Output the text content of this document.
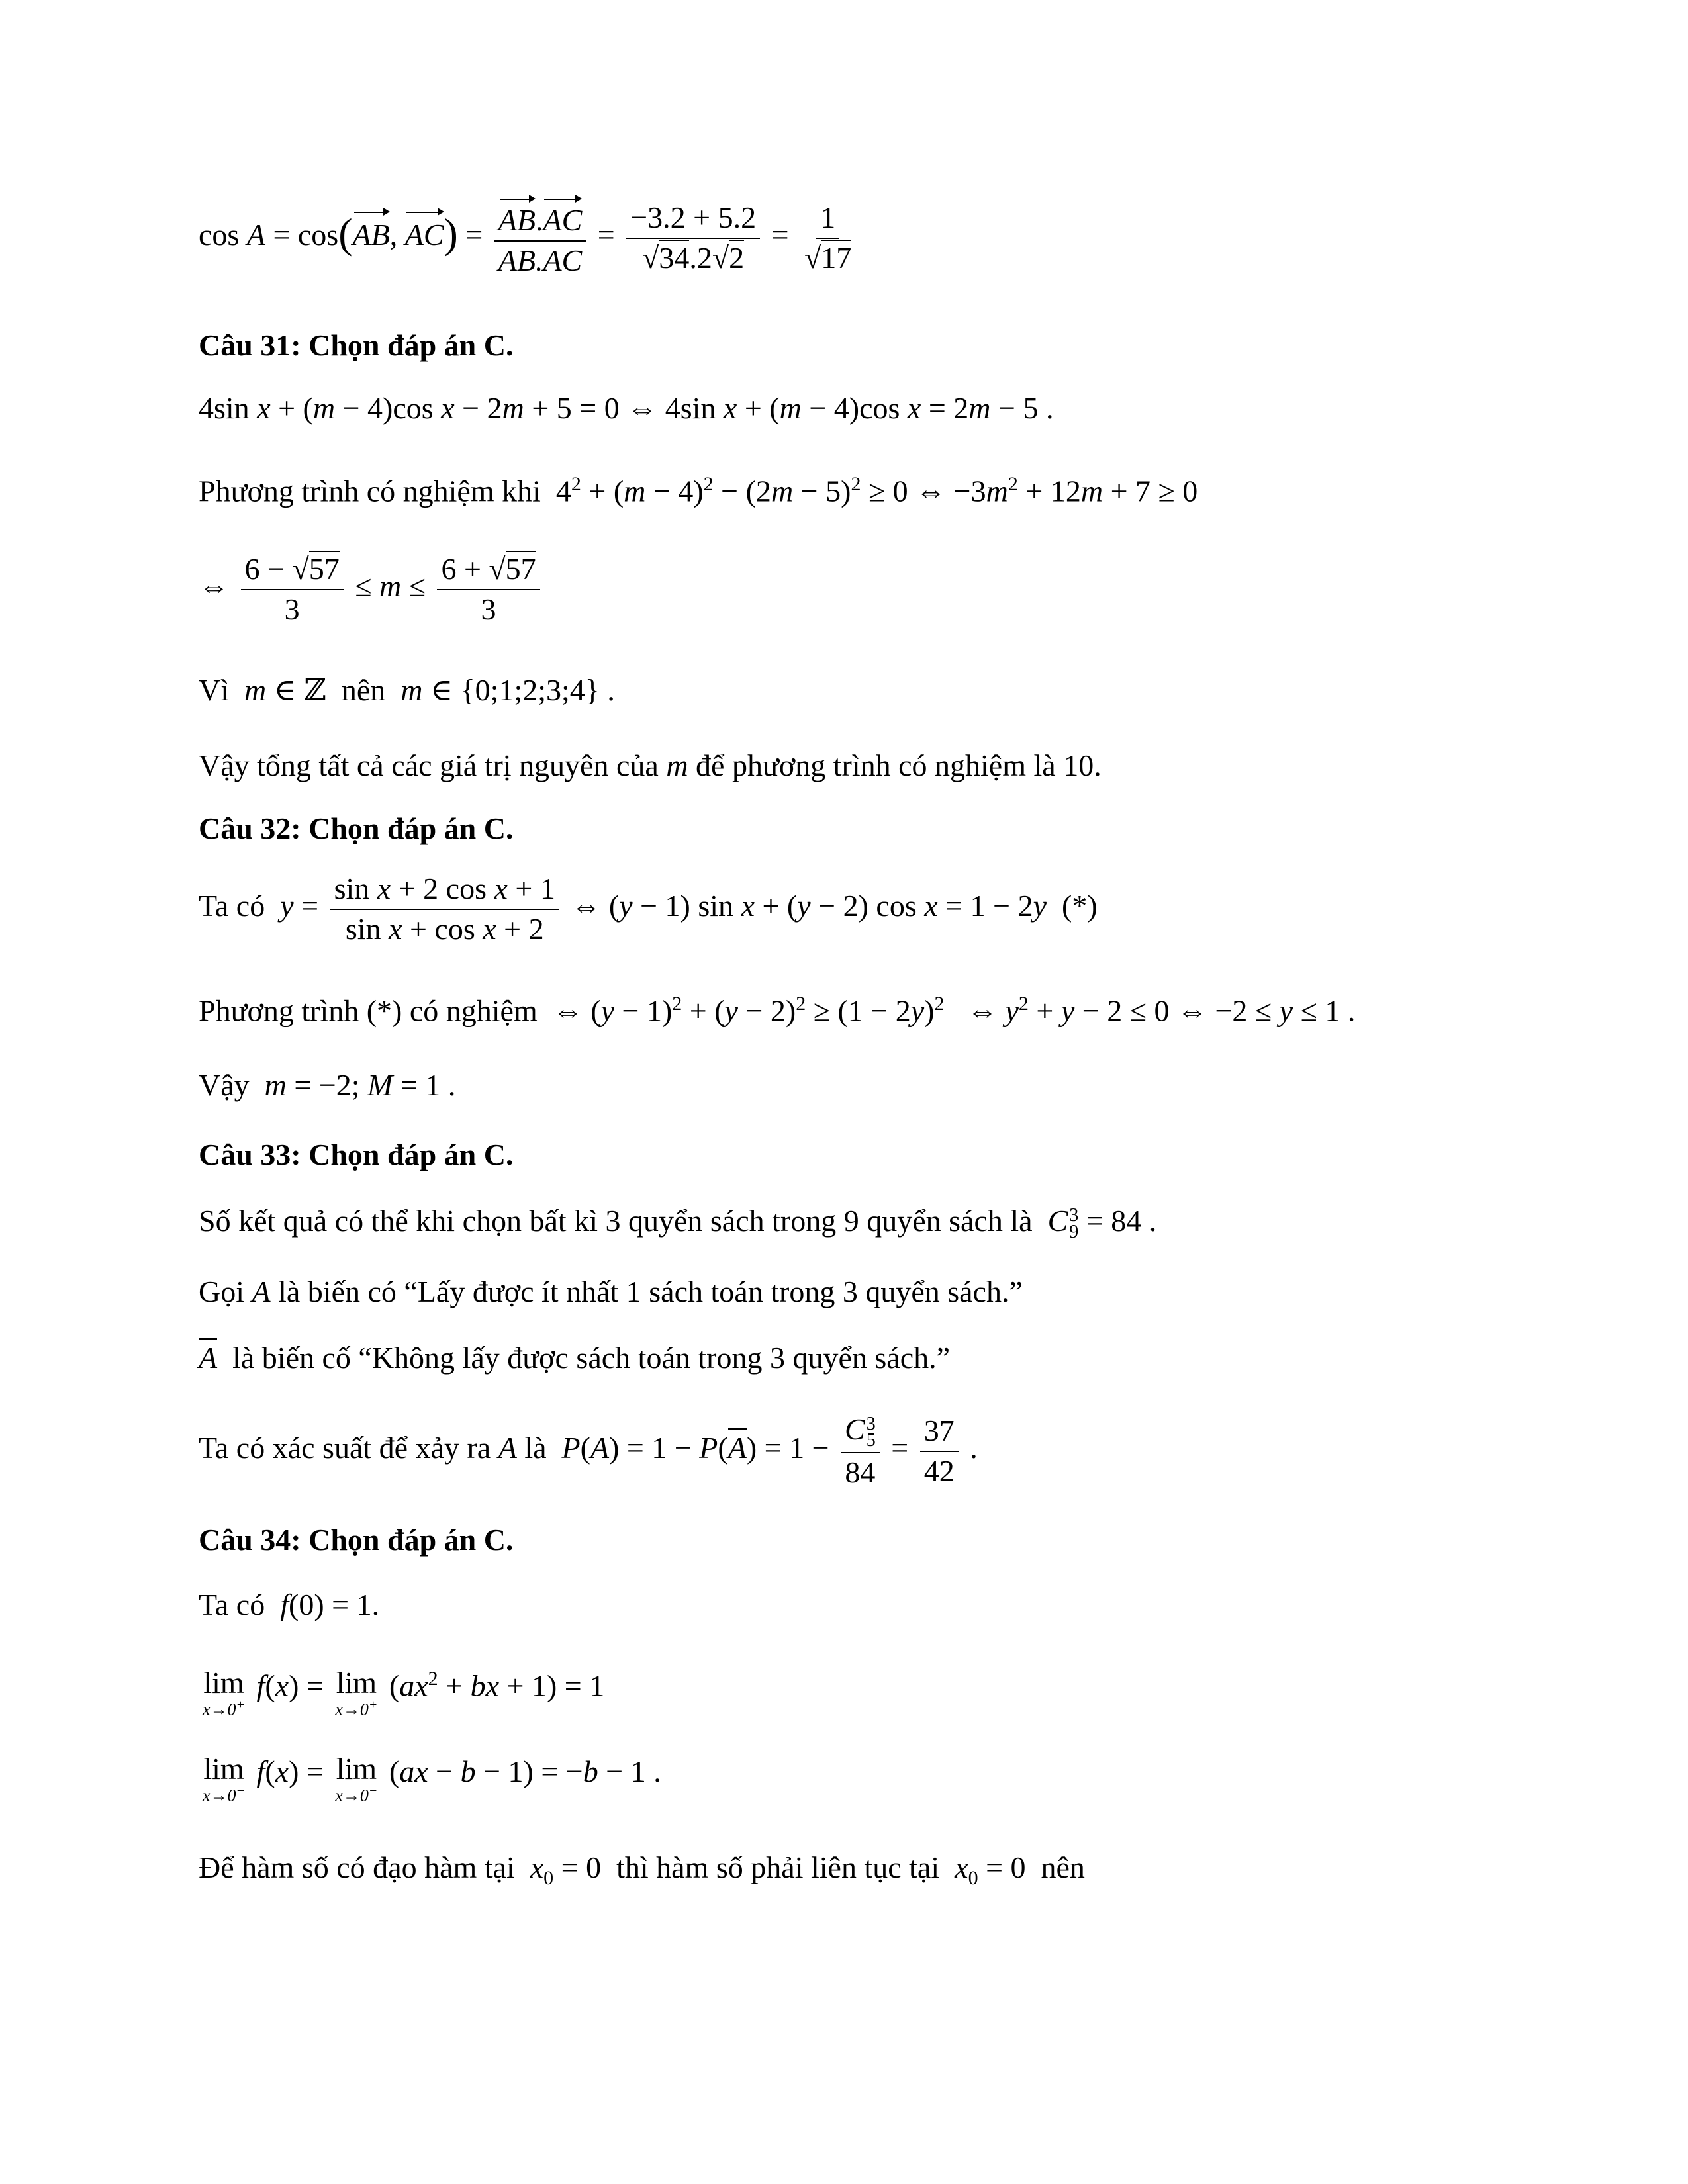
cos A = cos(AB, $AC) = \frac{AB.AC}{AB.AC} = -3.2 + 5.2$
√ 34.2√ 2 = 1
√ 17
Câu 31: Chọn đáp án C.
4sin x + (m − 4)cos x − 2m + 5 = 0 ⇔ 4sin x + (m − 4)cos x = 2m − 5 .
Phương trình có nghiệm khi  $4^2 + (m - 4)^2 - (2m - 5)^2 \ge 0$ ⇔ $-3m^2 + 12m + 7 \ge 0$
⇔ $\frac{6 - √ 57}{3} \le m \le \frac{6 + √ 57}{3}$
Vì m ∈ ℤ  nên m ∈ {0;1;2;3;4} .
Vậy tổng tất cả các giá trị nguyên của m để phương trình có nghiệm là 10.
Câu 32: Chọn đáp án C.
Ta có $y = \frac{\text{sin x + 2 cos x + 1}}{\text{sin x + cos x + 2}}$ ⇔ (y − 1) sin x + (y − 2) cos x = 1 − 2y  (*)
Phương trình (*) có nghiệm  ⇔ $(y - 1)^2 + (y - 2)^2 \ge (1 - 2y)^2$   ⇔ $y^2 + y - 2 \le 0$ ⇔ −2 ≤ y ≤ 1 .
Vậy m = −2; M = 1 .
Câu 33: Chọn đáp án C.
Số kết quả có thể khi chọn bất kì 3 quyển sách trong 9 quyển sách là C 3
9 = 84 .
Gọi A là biến có “Lấy được ít nhất 1 sách toán trong 3 quyển sách.”
A là biến cố “Không lấy được sách toán trong 3 quyển sách.”
Ta có xác suất để xảy ra A là P(A) = 1 − P(A) = 1 − C 3
5
$84 = \frac{37}{42}$ .
Câu 34: Chọn đáp án C.
Ta có f(0) = 1.
lim
x→0+
f(x) = lim
x→0+
($ax^2$ + bx + 1) = 1
lim
x→0−
f(x) = lim
x→0−
(ax − b − 1) = −b − 1 .
Để hàm số có đạo hàm tại $x_0 = 0$  thì hàm số phải liên tục tại $x_0 = 0$  nên
